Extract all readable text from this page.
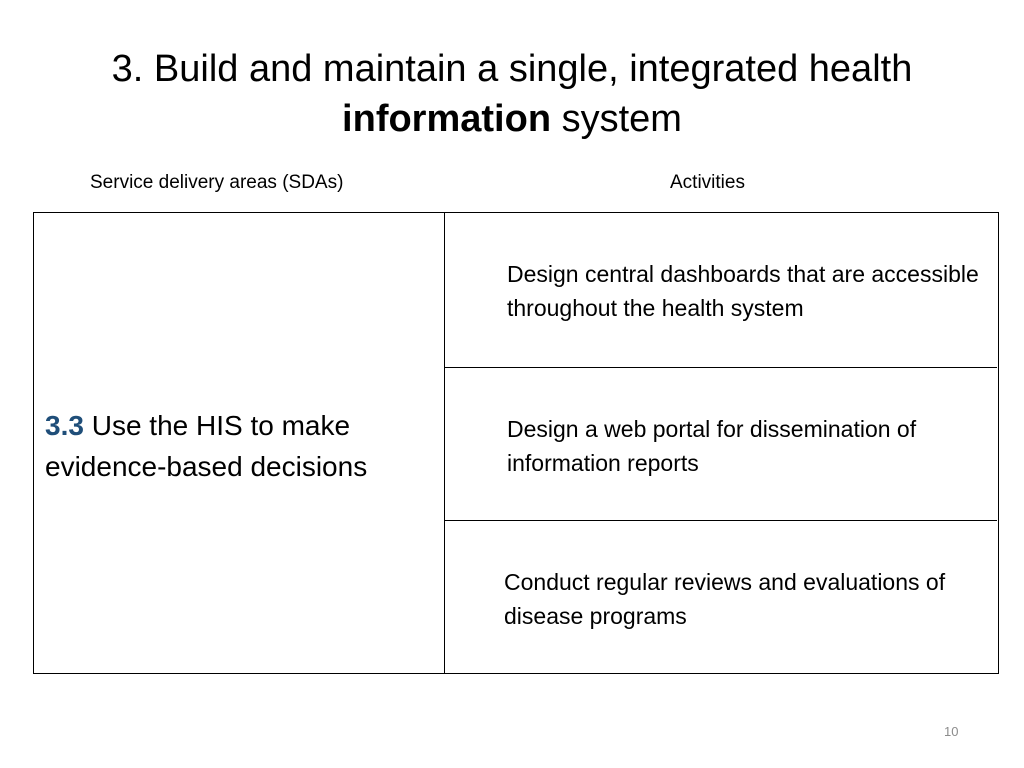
3. Build and maintain a single, integrated health
information system
Service delivery areas (SDAs)	Activities
3.3 Use the HIS to make evidence-based decisions
Design central dashboards that are accessible throughout the health system
Design a web portal for dissemination of information reports
Conduct regular reviews and evaluations of disease programs
10
